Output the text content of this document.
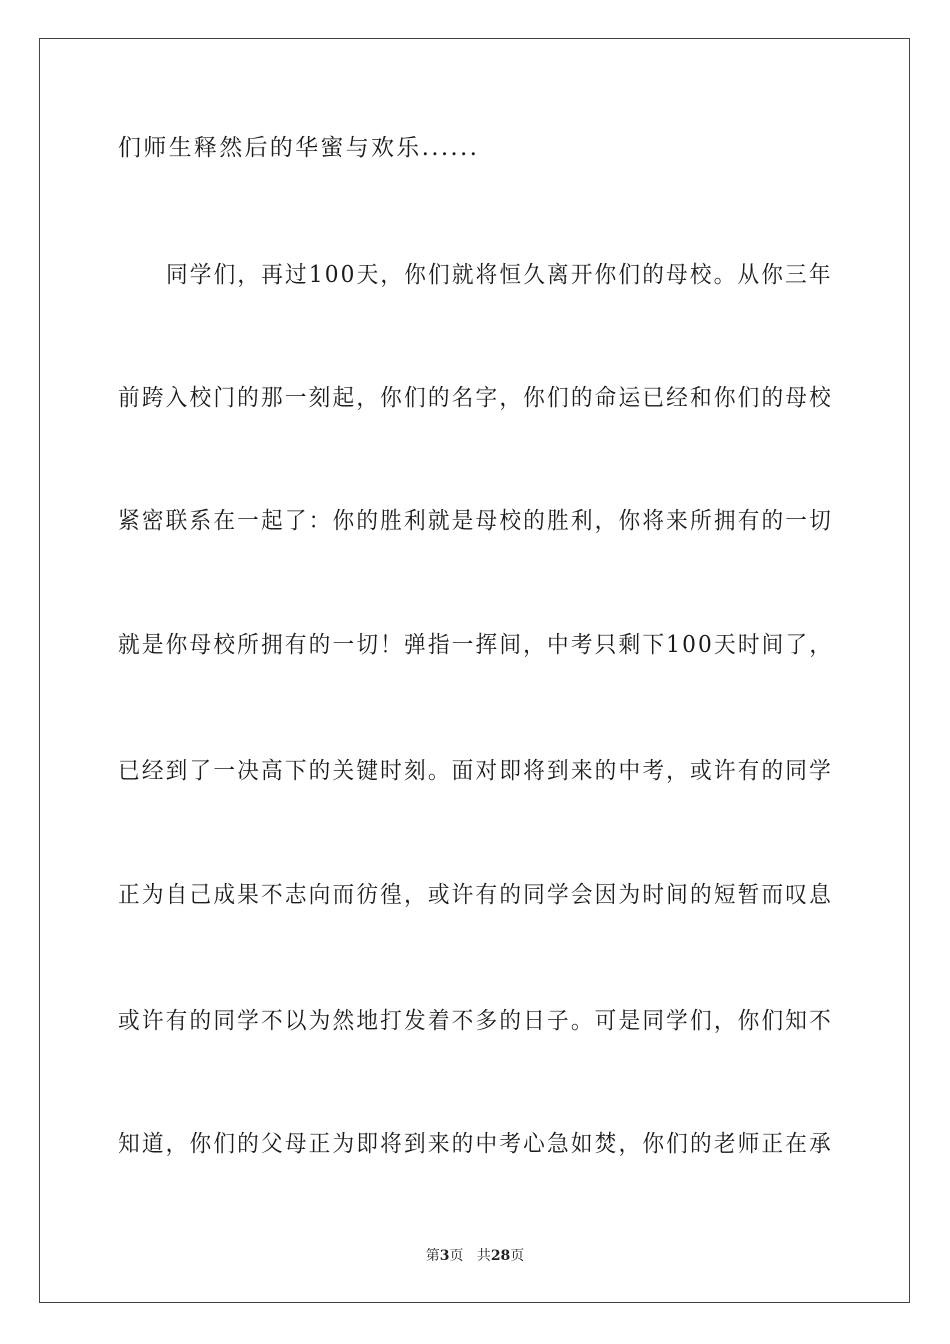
们师生释然后的华蜜与欢乐......
同学们，再过100天，你们就将恒久离开你们的母校。从你三年
前跨入校门的那一刻起，你们的名字，你们的命运已经和你们的母校
紧密联系在一起了：你的胜利就是母校的胜利，你将来所拥有的一切
就是你母校所拥有的一切！弹指一挥间，中考只剩下100天时间了，
已经到了一决高下的关键时刻。面对即将到来的中考，或许有的同学
正为自己成果不志向而彷徨，或许有的同学会因为时间的短暂而叹息
或许有的同学不以为然地打发着不多的日子。可是同学们，你们知不
知道，你们的父母正为即将到来的中考心急如焚，你们的老师正在承
第3页 共28页
